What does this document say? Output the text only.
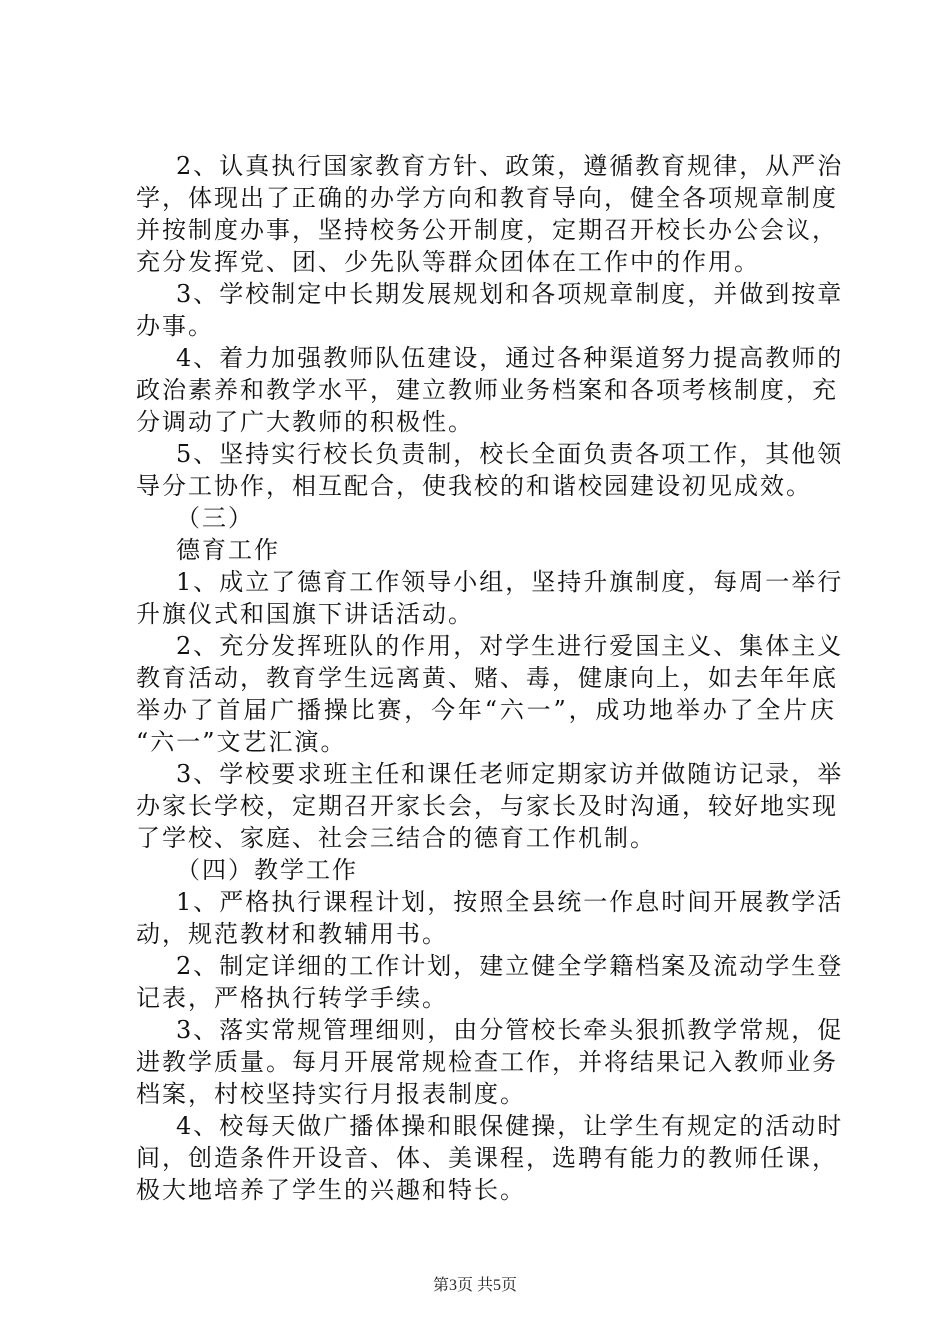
2、认真执行国家教育方针、政策，遵循教育规律，从严治
学，体现出了正确的办学方向和教育导向，健全各项规章制度
并按制度办事，坚持校务公开制度，定期召开校长办公会议，
充分发挥党、团、少先队等群众团体在工作中的作用。
3、学校制定中长期发展规划和各项规章制度，并做到按章
办事。
4、着力加强教师队伍建设，通过各种渠道努力提高教师的
政治素养和教学水平，建立教师业务档案和各项考核制度，充
分调动了广大教师的积极性。
5、坚持实行校长负责制，校长全面负责各项工作，其他领
导分工协作，相互配合，使我校的和谐校园建设初见成效。
（三）
德育工作
1、成立了德育工作领导小组，坚持升旗制度，每周一举行
升旗仪式和国旗下讲话活动。
2、充分发挥班队的作用，对学生进行爱国主义、集体主义
教育活动，教育学生远离黄、赌、毒，健康向上，如去年年底
举办了首届广播操比赛，今年“六一”，成功地举办了全片庆
“六一”文艺汇演。
3、学校要求班主任和课任老师定期家访并做随访记录，举
办家长学校，定期召开家长会，与家长及时沟通，较好地实现
了学校、家庭、社会三结合的德育工作机制。
（四）教学工作
1、严格执行课程计划，按照全县统一作息时间开展教学活
动，规范教材和教辅用书。
2、制定详细的工作计划，建立健全学籍档案及流动学生登
记表，严格执行转学手续。
3、落实常规管理细则，由分管校长牵头狠抓教学常规，促
进教学质量。每月开展常规检查工作，并将结果记入教师业务
档案，村校坚持实行月报表制度。
4、校每天做广播体操和眼保健操，让学生有规定的活动时
间，创造条件开设音、体、美课程，选聘有能力的教师任课，
极大地培养了学生的兴趣和特长。
第3页 共5页
